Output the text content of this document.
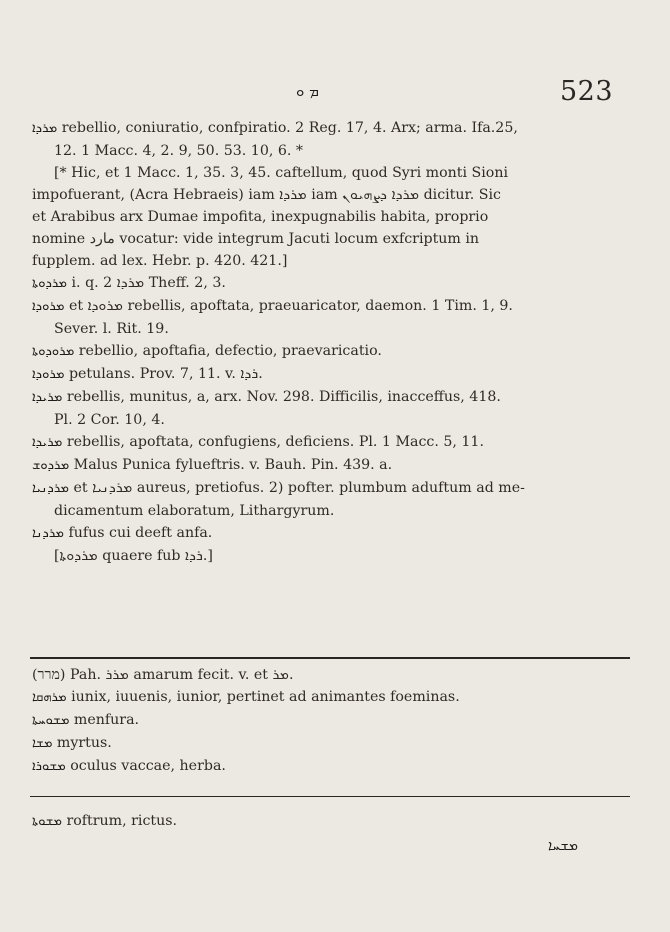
ܡ ܘ	523
ܡܪܕܐ rebellio, coniuratio, confpiratio. 2 Reg. 17, 4. Arx; arma. Ifa.25,
12. 1 Macc. 4, 2. 9, 50. 53. 10, 6. *
[* Hic, et 1 Macc. 1, 35. 3, 45. caftellum, quod Syri monti Sioni
impofuerant, (Acra Hebraeis) iam ܡܪܕܐ iam ܡܪܕܐ ܕܨܗܝܘܢ dicitur. Sic
et Arabibus arx Dumae impofita, inexpugnabilis habita, proprio
nomine مارد vocatur: vide integrum Jacuti locum exfcriptum in
fupplem. ad lex. Hebr. p. 420. 421.]
ܡܪܕܘܬܐ i. q. ܡܪܕܐ 2 Theff. 2, 3.
ܡܪܘܕܐ et ܡܪܘܕܐ rebellis, apoftata, praeuaricator, daemon. 1 Tim. 1, 9.
Sever. l. Rit. 19.
ܡܪܘܕܘܬܐ rebellio, apoftafia, defectio, praevaricatio.
ܡܪܘܕܐ petulans. Prov. 7, 11. v. ܪܕܐ.
ܡܪܝܕܐ rebellis, munitus, a, arx. Nov. 298. Difficilis, inacceffus, 418.
Pl. 2 Cor. 10, 4.
ܡܪܝܕܐ rebellis, apoftata, confugiens, deficiens. Pl. 1 Macc. 5, 11.
ܡܪܕܘܫ Malus Punica fylueftris. v. Bauh. Pin. 439. a.
ܡܪܕܢܝܐ et ܡܪܕܢܝܐ aureus, pretiofus. 2) pofter. plumbum aduftum ad me-
dicamentum elaboratum, Lithargyrum.
ܡܪܕܢܐ fufus cui deeft anfa.
[ܡܪܕܘܬܐ quaere fub ܪܕܐ.]
(מרר) Pah. ܡܪܪ amarum fecit. v. et ܡܪ.
ܡܪܗܩܐ iunix, iuuenis, iunior, pertinet ad animantes foeminas.
ܡܫܘܚܬܐ menfura.
ܡܫܐ myrtus.
ܡܫܘܪܐ oculus vaccae, herba.
ܡܫܘܬܐ roftrum, rictus.
ܡܫܚܐ
